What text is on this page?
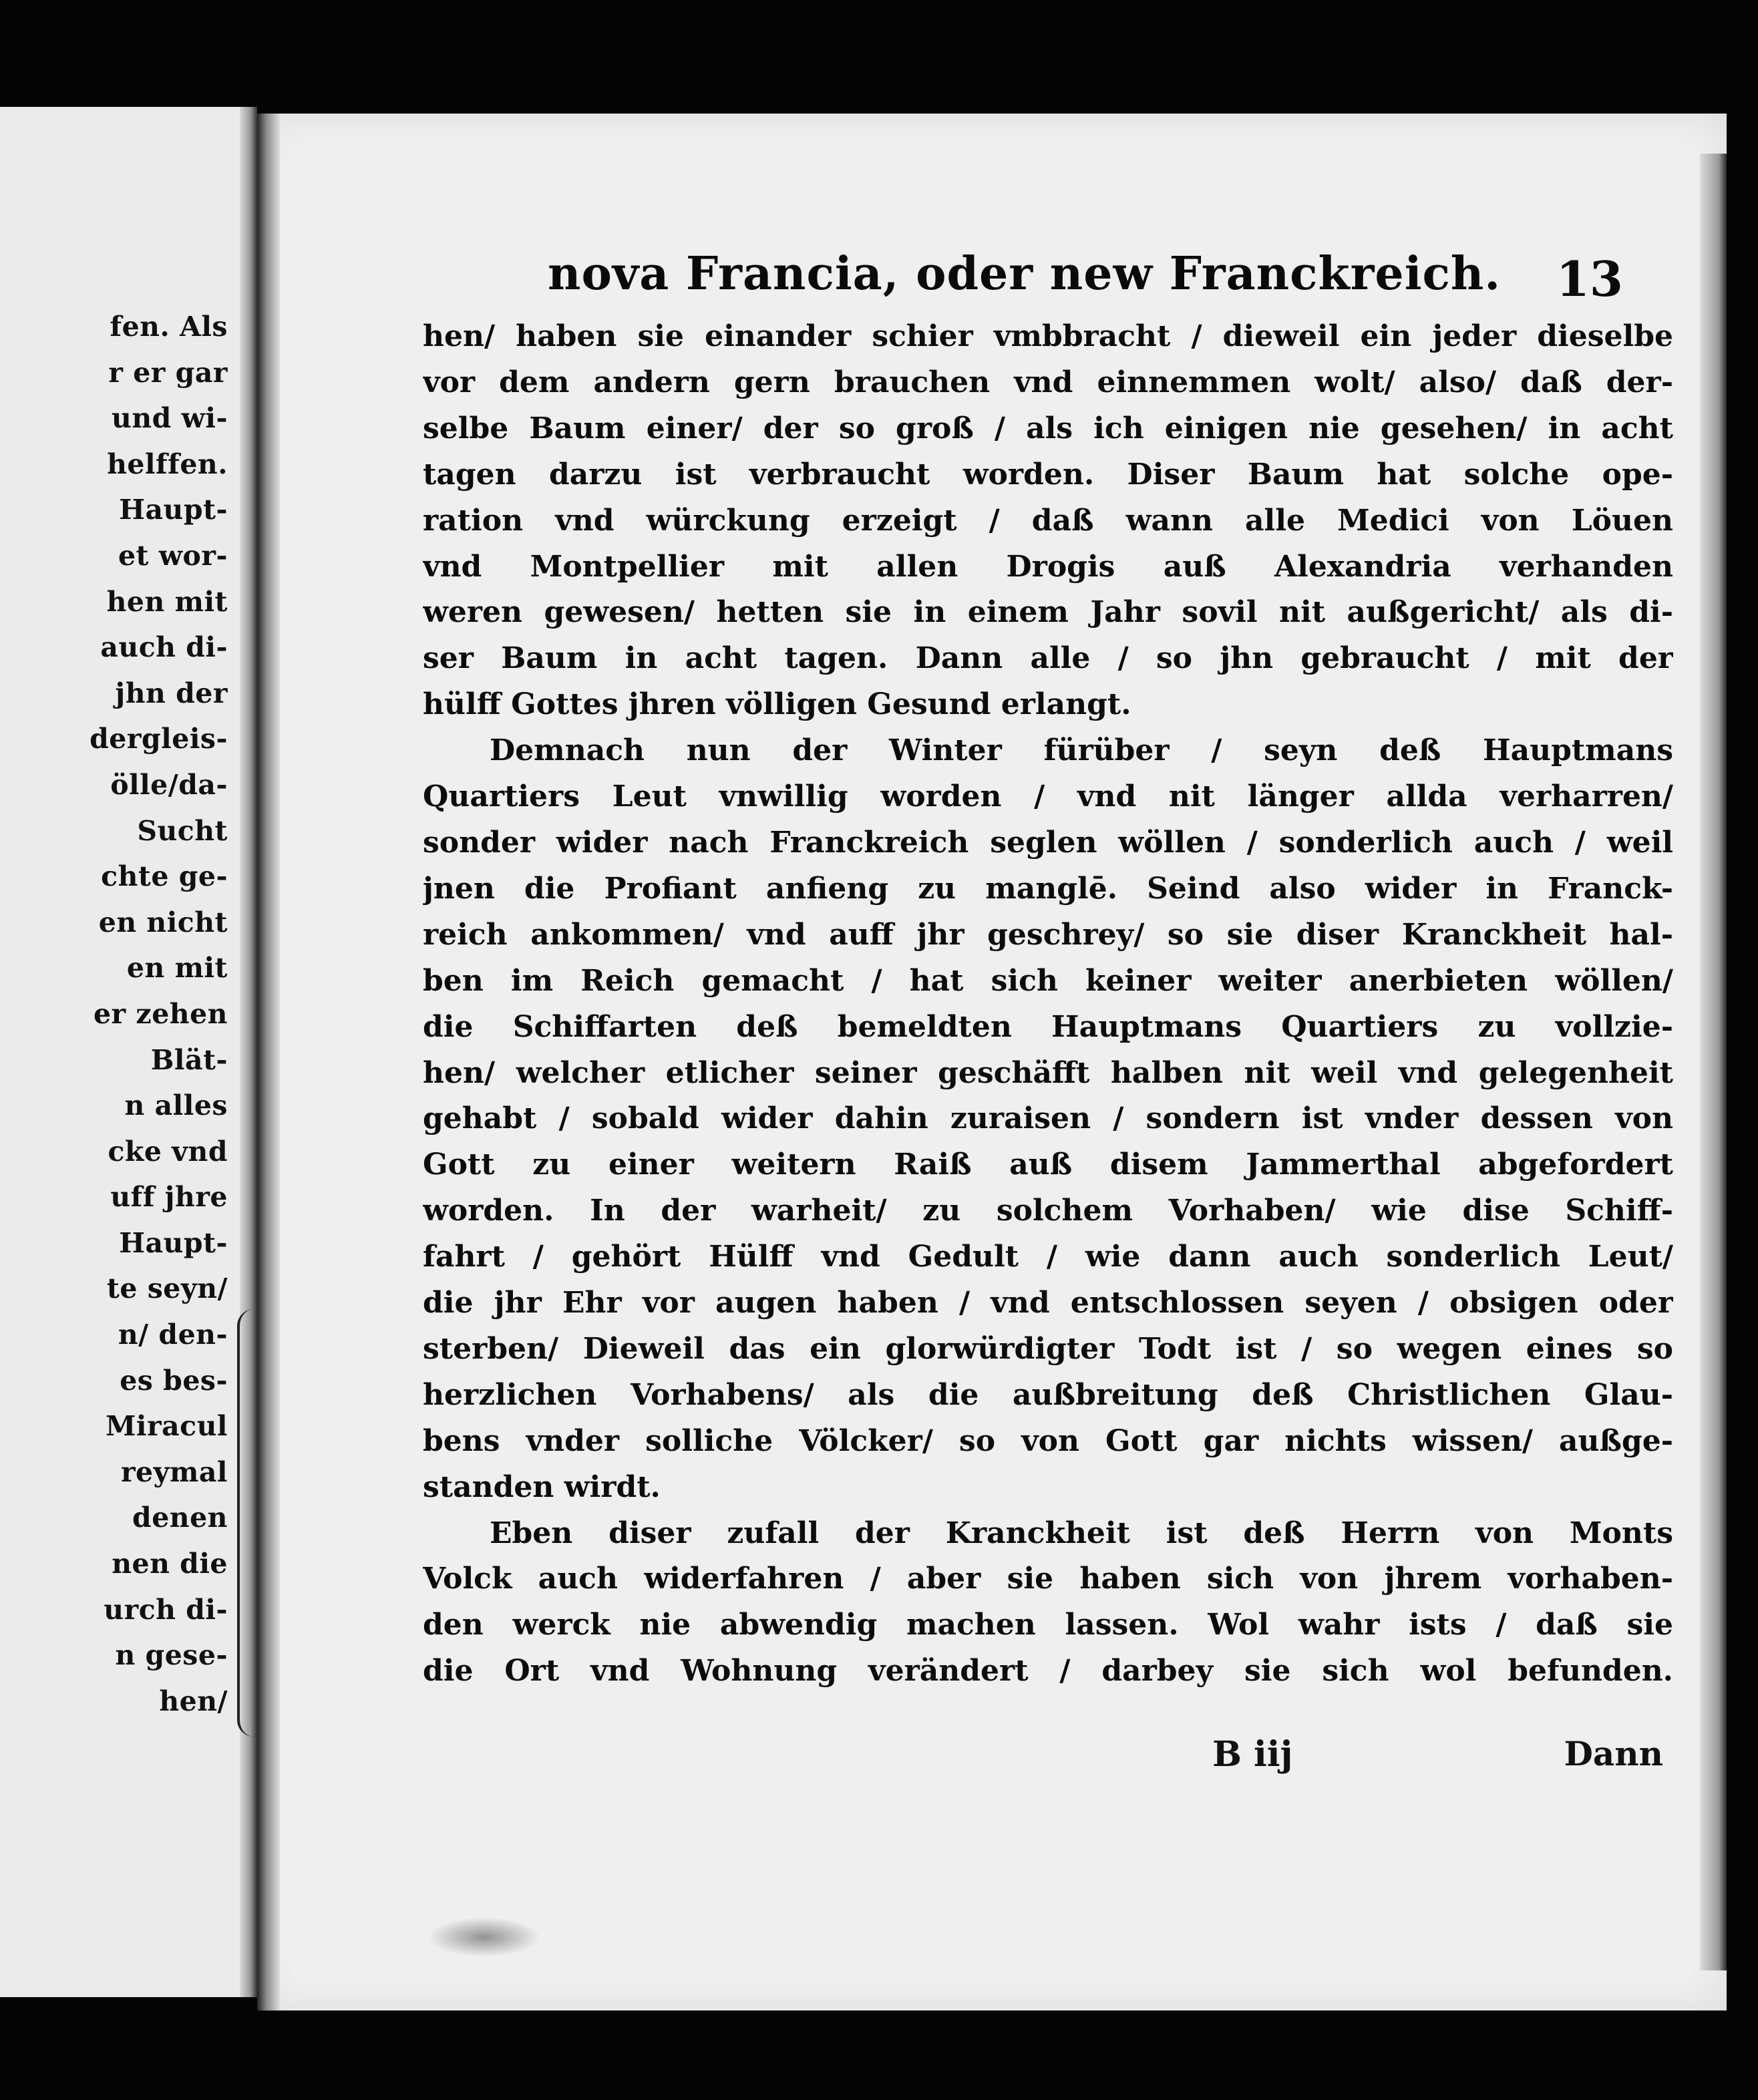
fen. Als
r er gar
und wi-
helffen.
Haupt-
et wor-
hen mit
auch di-
jhn der
dergleis-
ölle/da-
Sucht
chte ge-
en nicht
en mit
er zehen
Blät-
n alles
cke vnd
uff jhre
Haupt-
te seyn/
n/ den-
es bes-
Miracul
reymal
denen
nen die
urch di-
n gese-
hen/

nova Francia, oder new Franckreich. 13
hen/ haben sie einander schier vmbbracht / dieweil ein jeder dieselbe
vor dem andern gern brauchen vnd einnemmen wolt/ also/ daß der-
selbe Baum einer/ der so groß / als ich einigen nie gesehen/ in acht
tagen darzu ist verbraucht worden. Diser Baum hat solche ope-
ration vnd würckung erzeigt / daß wann alle Medici von Löuen
vnd Montpellier mit allen Drogis auß Alexandria verhanden
weren gewesen/ hetten sie in einem Jahr sovil nit außgericht/ als di-
ser Baum in acht tagen. Dann alle / so jhn gebraucht / mit der
hülff Gottes jhren völligen Gesund erlangt.
Demnach nun der Winter fürüber / seyn deß Hauptmans
Quartiers Leut vnwillig worden / vnd nit länger allda verharren/
sonder wider nach Franckreich seglen wöllen / sonderlich auch / weil
jnen die Profiant anfieng zu manglē. Seind also wider in Franck-
reich ankommen/ vnd auff jhr geschrey/ so sie diser Kranckheit hal-
ben im Reich gemacht / hat sich keiner weiter anerbieten wöllen/
die Schiffarten deß bemeldten Hauptmans Quartiers zu vollzie-
hen/ welcher etlicher seiner geschäfft halben nit weil vnd gelegenheit
gehabt / sobald wider dahin zuraisen / sondern ist vnder dessen von
Gott zu einer weitern Raiß auß disem Jammerthal abgefordert
worden. In der warheit/ zu solchem Vorhaben/ wie dise Schiff-
fahrt / gehört Hülff vnd Gedult / wie dann auch sonderlich Leut/
die jhr Ehr vor augen haben / vnd entschlossen seyen / obsigen oder
sterben/ Dieweil das ein glorwürdigter Todt ist / so wegen eines so
herzlichen Vorhabens/ als die außbreitung deß Christlichen Glau-
bens vnder solliche Völcker/ so von Gott gar nichts wissen/ außge-
standen wirdt.
Eben diser zufall der Kranckheit ist deß Herrn von Monts
Volck auch widerfahren / aber sie haben sich von jhrem vorhaben-
den werck nie abwendig machen lassen. Wol wahr ists / daß sie
die Ort vnd Wohnung verändert / darbey sie sich wol befunden.
B iij	Dann
